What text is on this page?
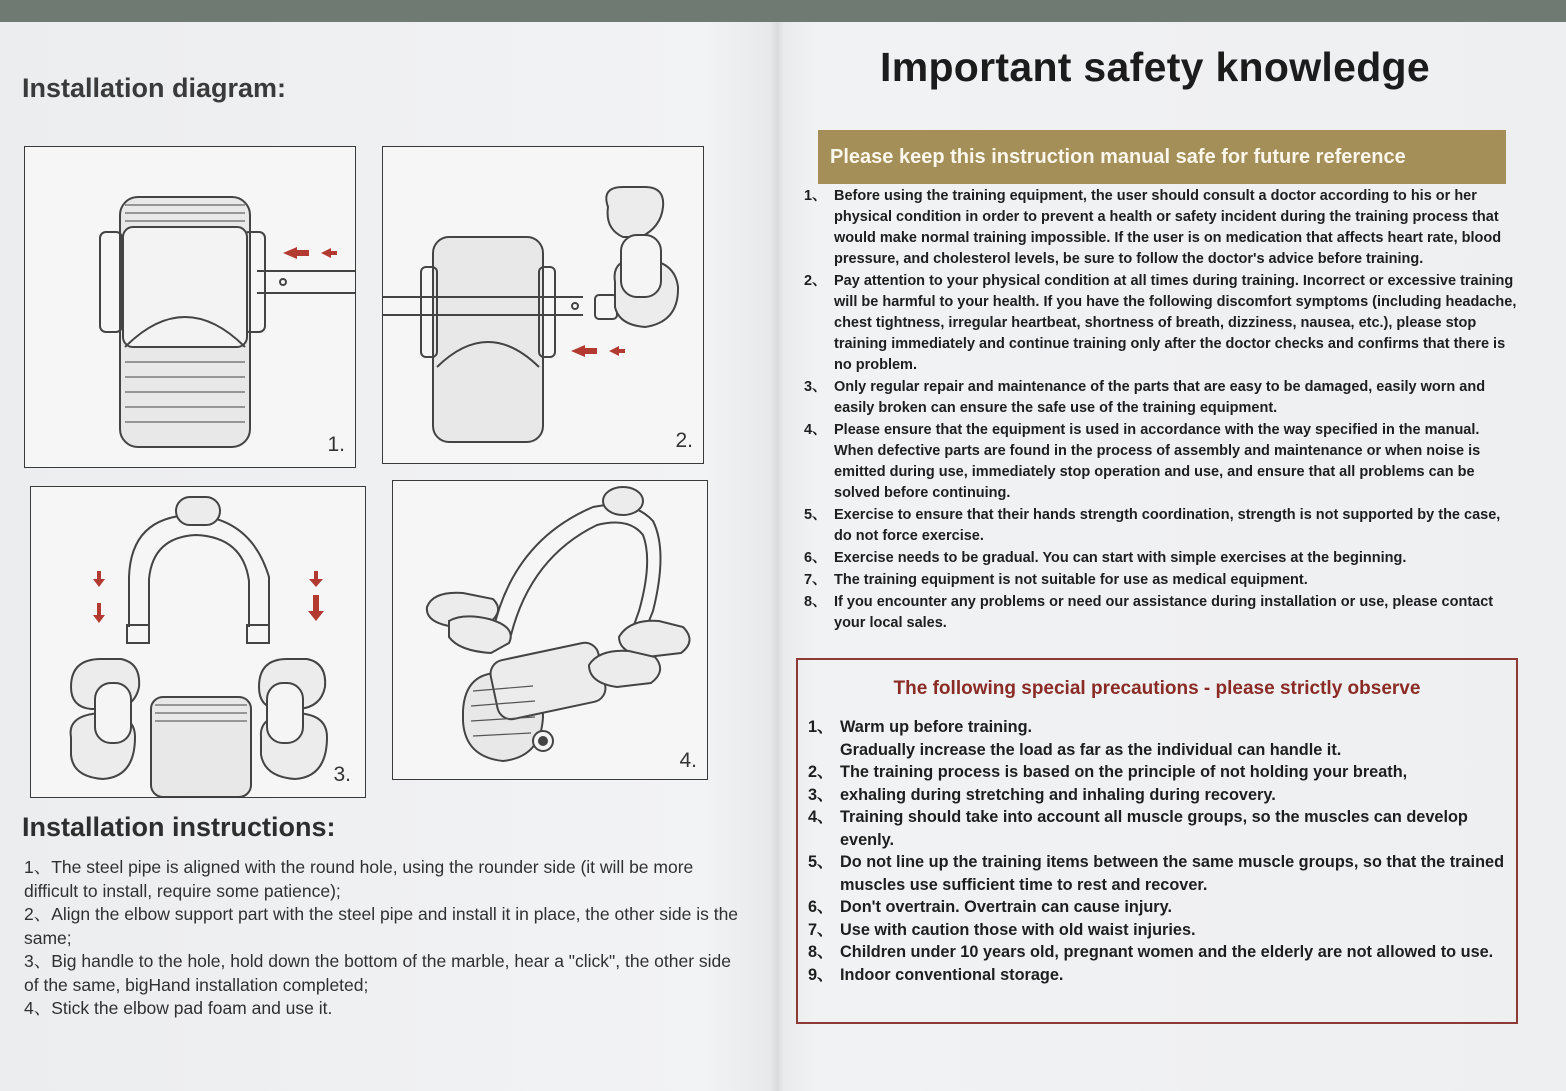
Installation diagram:
1.	2.
3.
4.
Installation instructions:
1、The steel pipe is aligned with the round hole, using the rounder side (it will be more difficult to install, require some patience);
2、Align the elbow support part with the steel pipe and install it in place, the other side is the same;
3、Big handle to the hole, hold down the bottom of the marble, hear a "click", the other side of the same, bigHand installation completed;
4、Stick the elbow pad foam and use it.
Important safety knowledge
Please keep this instruction manual safe for future reference
1、 Before using the training equipment, the user should consult a doctor according to his or her physical condition in order to prevent a health or safety incident during the training process that would make normal training impossible. If the user is on medication that affects heart rate, blood pressure, and cholesterol levels, be sure to follow the doctor's advice before training.
2、 Pay attention to your physical condition at all times during training. Incorrect or excessive training will be harmful to your health. If you have the following discomfort symptoms (including headache, chest tightness, irregular heartbeat, shortness of breath, dizziness, nausea, etc.), please stop training immediately and continue training only after the doctor checks and confirms that there is no problem.
3、 Only regular repair and maintenance of the parts that are easy to be damaged, easily worn and easily broken can ensure the safe use of the training equipment.
4、 Please ensure that the equipment is used in accordance with the way specified in the manual. When defective parts are found in the process of assembly and maintenance or when noise is emitted during use, immediately stop operation and use, and ensure that all problems can be solved before continuing.
5、 Exercise to ensure that their hands strength coordination, strength is not supported by the case, do not force exercise.
6、 Exercise needs to be gradual. You can start with simple exercises at the beginning.
7、 The training equipment is not suitable for use as medical equipment.
8、 If you encounter any problems or need our assistance during installation or use, please contact your local sales.
The following special precautions - please strictly observe
1、 Warm up before training.
Gradually increase the load as far as the individual can handle it.
2、 The training process is based on the principle of not holding your breath,
3、 exhaling during stretching and inhaling during recovery.
4、 Training should take into account all muscle groups, so the muscles can develop evenly.
5、 Do not line up the training items between the same muscle groups, so that the trained muscles use sufficient time to rest and recover.
6、 Don't overtrain. Overtrain can cause injury.
7、 Use with caution those with old waist injuries.
8、 Children under 10 years old, pregnant women and the elderly are not allowed to use.
9、 Indoor conventional storage.
